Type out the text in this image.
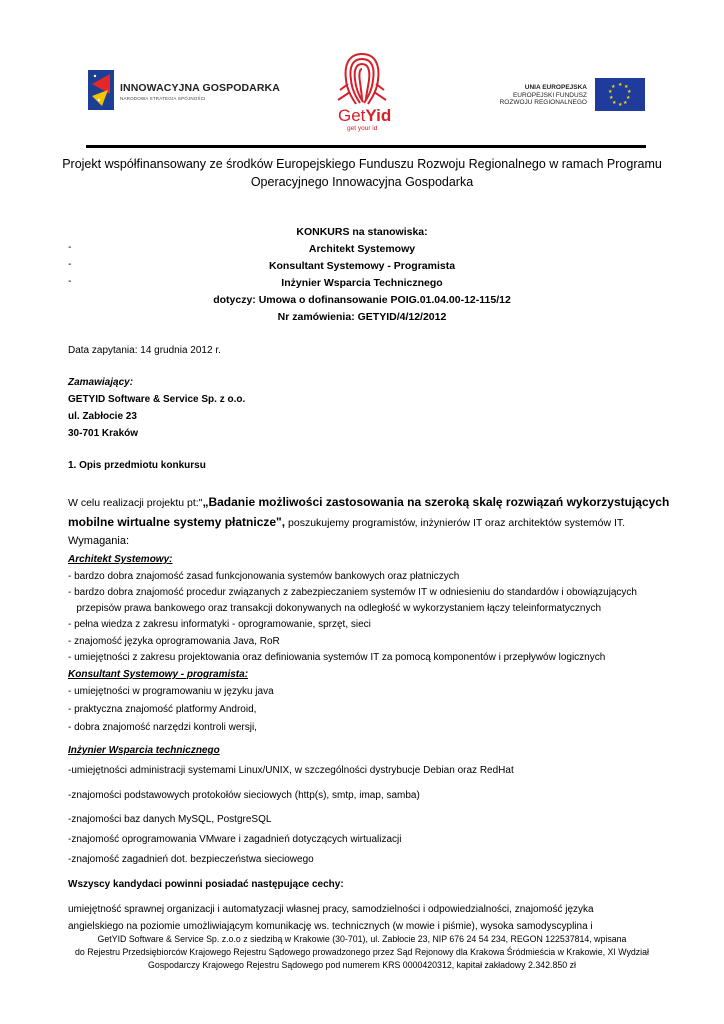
INNOWACYJNA GOSPODARKA
NARODOWA STRATEGIA SPÓJNOŚCI
GetYid
get your id
UNIA EUROPEJSKA
EUROPEJSKI FUNDUSZ
ROZWOJU REGIONALNEGO
★ ★
★
★
★
★
★
★
★
★
Projekt współfinansowany ze środków Europejskiego Funduszu Rozwoju Regionalnego w ramach Programu
Operacyjnego Innowacyjna Gospodarka
KONKURS na stanowiska:
-	Architekt Systemowy
-	Konsultant Systemowy - Programista
-	Inżynier Wsparcia Technicznego
dotyczy: Umowa o dofinansowanie POIG.01.04.00-12-115/12
Nr zamówienia: GETYID/4/12/2012
Data zapytania: 14 grudnia 2012 r.
Zamawiający:
GETYID Software & Service Sp. z o.o.
ul. Zabłocie 23
30-701 Kraków
1. Opis przedmiotu konkursu
W celu realizacji projektu pt:"„Badanie możliwości zastosowania na szeroką skalę rozwiązań wykorzystujących
mobilne wirtualne systemy płatnicze", poszukujemy programistów, inżynierów IT oraz architektów systemów IT.
Wymagania:
Architekt Systemowy:
- bardzo dobra znajomość zasad funkcjonowania systemów bankowych oraz płatniczych
- bardzo dobra znajomość procedur związanych z zabezpieczaniem systemów IT w odniesieniu do standardów i obowiązujących
przepisów prawa bankowego oraz transakcji dokonywanych na odległość w wykorzystaniem łączy teleinformatycznych
- pełna wiedza z zakresu informatyki - oprogramowanie, sprzęt, sieci
- znajomość języka oprogramowania Java, RoR
- umiejętności z zakresu projektowania oraz definiowania systemów IT za pomocą komponentów i przepływów logicznych
Konsultant Systemowy - programista:
- umiejętności w programowaniu w języku java
- praktyczna znajomość platformy Android,
- dobra znajomość narzędzi kontroli wersji,
Inżynier Wsparcia technicznego
-umiejętności administracji systemami Linux/UNIX, w szczególności dystrybucje Debian oraz RedHat
-znajomości podstawowych protokołów sieciowych (http(s), smtp, imap, samba)
-znajomości baz danych MySQL, PostgreSQL
-znajomość oprogramowania VMware i zagadnień dotyczących wirtualizacji
-znajomość zagadnień dot. bezpieczeństwa sieciowego
Wszyscy kandydaci powinni posiadać następujące cechy:
umiejętność sprawnej organizacji i automatyzacji własnej pracy, samodzielności i odpowiedzialności, znajomość języka
angielskiego na poziomie umożliwiającym komunikację ws. technicznych (w mowie i piśmie), wysoka samodyscyplina i
GetYID Software & Service Sp. z.o.o z siedzibą w Krakowie (30-701), ul. Zabłocie 23, NIP 676 24 54 234, REGON 122537814, wpisana
do Rejestru Przedsiębiorców Krajowego Rejestru Sądowego prowadzonego przez Sąd Rejonowy dla Krakowa Śródmieścia w Krakowie, XI Wydział
Gospodarczy Krajowego Rejestru Sądowego pod numerem KRS 0000420312, kapitał zakładowy 2.342.850 zł
